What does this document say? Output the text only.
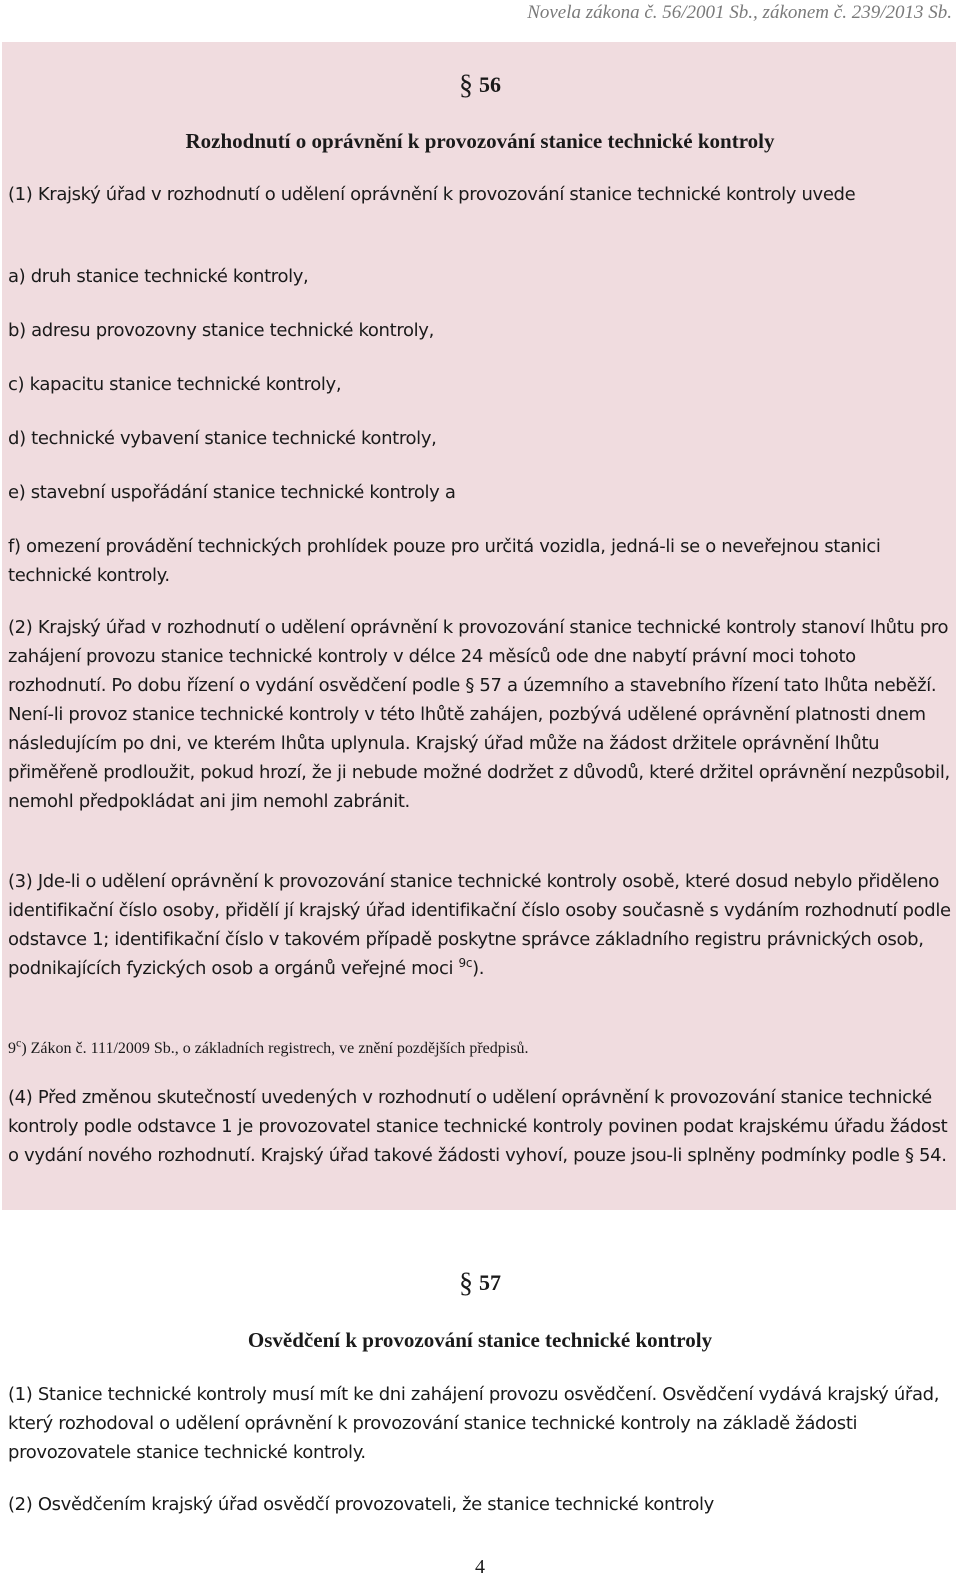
Novela zákona č. 56/2001 Sb., zákonem č. 239/2013 Sb.
§ 56
Rozhodnutí o oprávnění k provozování stanice technické kontroly
(1) Krajský úřad v rozhodnutí o udělení oprávnění k provozování stanice technické kontroly uvede
a) druh stanice technické kontroly,
b) adresu provozovny stanice technické kontroly,
c) kapacitu stanice technické kontroly,
d) technické vybavení stanice technické kontroly,
e) stavební uspořádání stanice technické kontroly a
f) omezení provádění technických prohlídek pouze pro určitá vozidla, jedná-li se o neveřejnou stanici technické kontroly.
(2) Krajský úřad v rozhodnutí o udělení oprávnění k provozování stanice technické kontroly stanoví lhůtu pro zahájení provozu stanice technické kontroly v délce 24 měsíců ode dne nabytí právní moci tohoto rozhodnutí. Po dobu řízení o vydání osvědčení podle § 57 a územního a stavebního řízení tato lhůta neběží. Není-li provoz stanice technické kontroly v této lhůtě zahájen, pozbývá udělené oprávnění platnosti dnem následujícím po dni, ve kterém lhůta uplynula. Krajský úřad může na žádost držitele oprávnění lhůtu přiměřeně prodloužit, pokud hrozí, že ji nebude možné dodržet z důvodů, které držitel oprávnění nezpůsobil, nemohl předpokládat ani jim nemohl zabránit.
(3) Jde-li o udělení oprávnění k provozování stanice technické kontroly osobě, které dosud nebylo přiděleno identifikační číslo osoby, přidělí jí krajský úřad identifikační číslo osoby současně s vydáním rozhodnutí podle odstavce 1; identifikační číslo v takovém případě poskytne správce základního registru právnických osob, podnikajících fyzických osob a orgánů veřejné moci $^{9c}$).
9$^c$) Zákon č. 111/2009 Sb., o základních registrech, ve znění pozdějších předpisů.
(4) Před změnou skutečností uvedených v rozhodnutí o udělení oprávnění k provozování stanice technické kontroly podle odstavce 1 je provozovatel stanice technické kontroly povinen podat krajskému úřadu žádost o vydání nového rozhodnutí. Krajský úřad takové žádosti vyhoví, pouze jsou-li splněny podmínky podle § 54.
§ 57
Osvědčení k provozování stanice technické kontroly
(1) Stanice technické kontroly musí mít ke dni zahájení provozu osvědčení. Osvědčení vydává krajský úřad, který rozhodoval o udělení oprávnění k provozování stanice technické kontroly na základě žádosti provozovatele stanice technické kontroly.
(2) Osvědčením krajský úřad osvědčí provozovateli, že stanice technické kontroly
4
